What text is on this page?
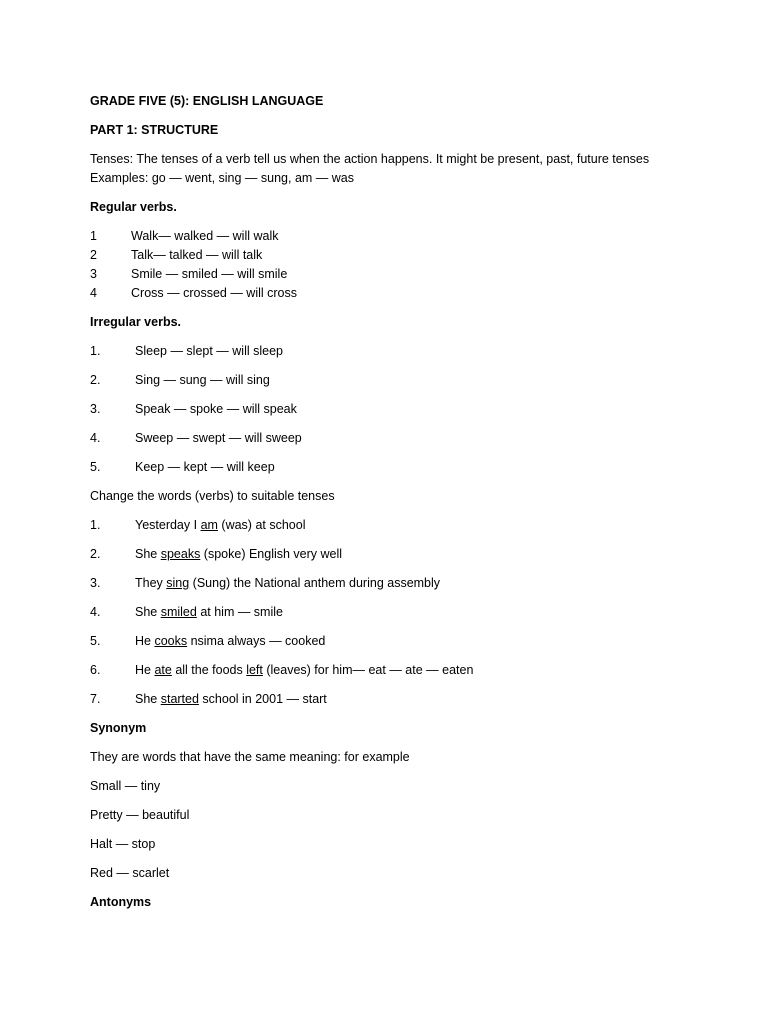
GRADE FIVE (5): ENGLISH LANGUAGE
PART 1: STRUCTURE
Tenses: The tenses of a verb tell us when the action happens. It might be present, past, future tenses
Examples: go — went, sing — sung, am — was
Regular verbs.
1	Walk— walked — will walk
2	Talk— talked — will talk
3	Smile — smiled — will smile
4	Cross — crossed — will cross
Irregular verbs.
1.	Sleep — slept — will sleep
2.	Sing — sung — will sing
3.	Speak — spoke — will speak
4.	Sweep — swept — will sweep
5.	Keep — kept — will keep
Change the words (verbs) to suitable tenses
1.	Yesterday I am (was) at school
2.	She speaks (spoke) English very well
3.	They sing (Sung) the National anthem during assembly
4.	She smiled at him — smile
5.	He cooks nsima always — cooked
6.	He ate all the foods left (leaves) for him— eat — ate — eaten
7.	She started school in 2001 — start
Synonym
They are words that have the same meaning: for example
Small — tiny
Pretty — beautiful
Halt — stop
Red — scarlet
Antonyms
